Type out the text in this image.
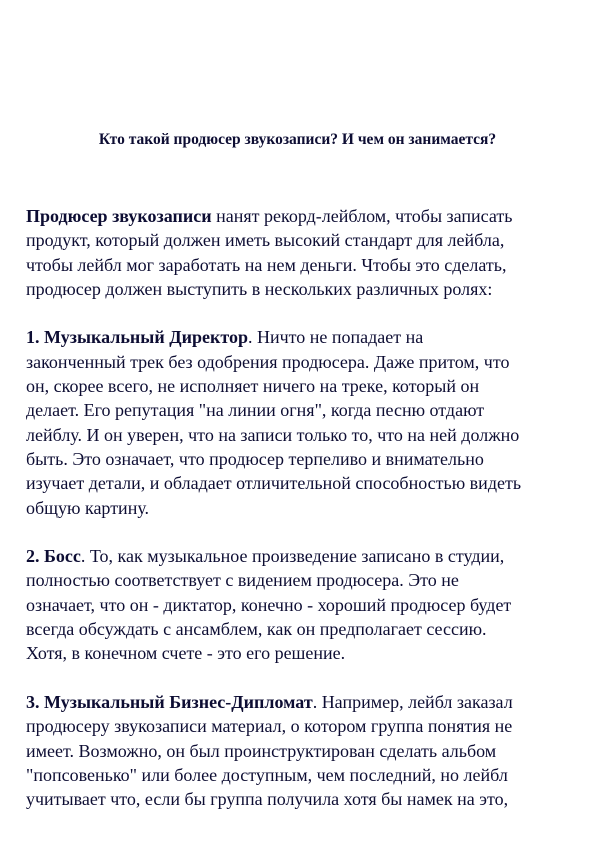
Кто такой продюсер звукозаписи? И чем он занимается?

Продюсер звукозаписи нанят рекорд-лейблом, чтобы записать
продукт, который должен иметь высокий стандарт для лейбла,
чтобы лейбл мог заработать на нем деньги. Чтобы это сделать,
продюсер должен выступить в нескольких различных ролях:

1. Музыкальный Директор. Ничто не попадает на
законченный трек без одобрения продюсера. Даже притом, что
он, скорее всего, не исполняет ничего на треке, который он
делает. Его репутация "на линии огня", когда песню отдают
лейблу. И он уверен, что на записи только то, что на ней должно
быть. Это означает, что продюсер терпеливо и внимательно
изучает детали, и обладает отличительной способностью видеть
общую картину.

2. Босс. То, как музыкальное произведение записано в студии,
полностью соответствует с видением продюсера. Это не
означает, что он - диктатор, конечно - хороший продюсер будет
всегда обсуждать с ансамблем, как он предполагает сессию.
Хотя, в конечном счете - это его решение.

3. Музыкальный Бизнес-Дипломат. Например, лейбл заказал
продюсеру звукозаписи материал, о котором группа понятия не
имеет. Возможно, он был проинструктирован сделать альбом
"попсовенько" или более доступным, чем последний, но лейбл
учитывает что, если бы группа получила хотя бы намек на это,
